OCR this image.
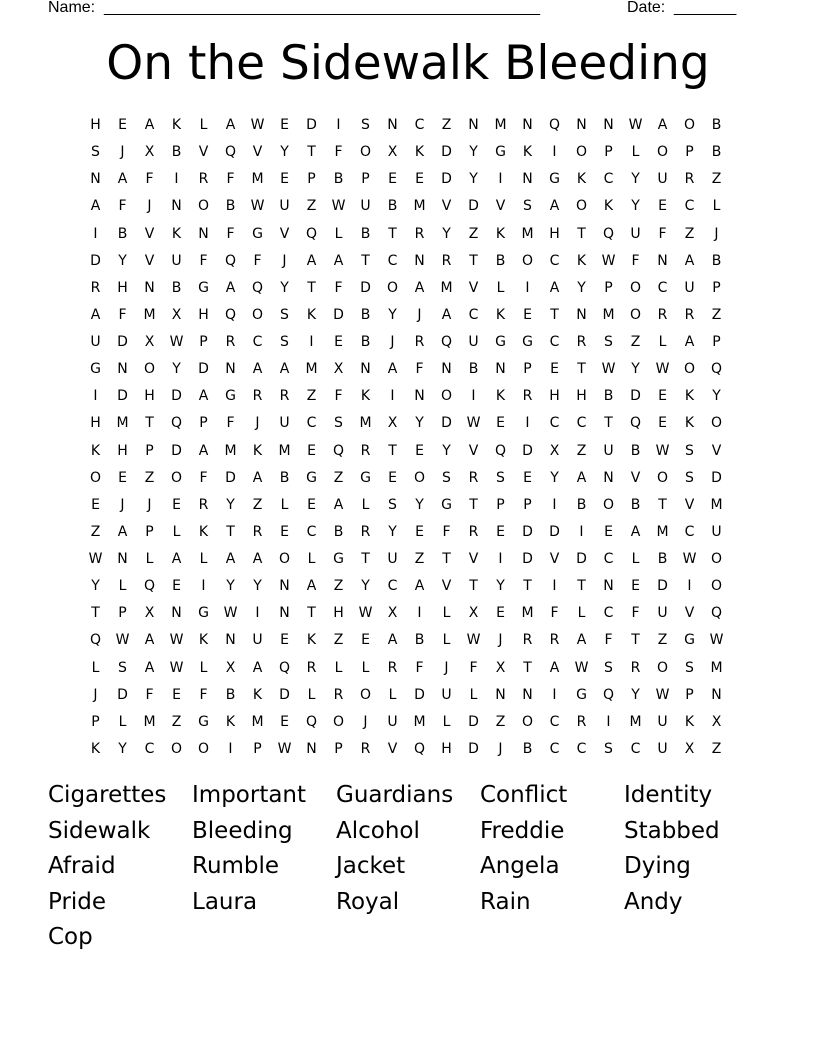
Name: _________________________________________________	Date: _______
On the Sidewalk Bleeding
H	E	A	K	L	A	W	E	D	I	S	N	C	Z	N	M	N	Q	N	N	W	A	O	B
S	J	X	B	V	Q	V	Y	T	F	O	X	K	D	Y	G	K	I	O	P	L	O	P	B
N	A	F	I	R	F	M	E	P	B	P	E	E	D	Y	I	N	G	K	C	Y	U	R	Z
A	F	J	N	O	B	W	U	Z	W	U	B	M	V	D	V	S	A	O	K	Y	E	C	L
I	B	V	K	N	F	G	V	Q	L	B	T	R	Y	Z	K	M	H	T	Q	U	F	Z	J
D	Y	V	U	F	Q	F	J	A	A	T	C	N	R	T	B	O	C	K	W	F	N	A	B
R	H	N	B	G	A	Q	Y	T	F	D	O	A	M	V	L	I	A	Y	P	O	C	U	P
A	F	M	X	H	Q	O	S	K	D	B	Y	J	A	C	K	E	T	N	M	O	R	R	Z
U	D	X	W	P	R	C	S	I	E	B	J	R	Q	U	G	G	C	R	S	Z	L	A	P
G	N	O	Y	D	N	A	A	M	X	N	A	F	N	B	N	P	E	T	W	Y	W	O	Q
I	D	H	D	A	G	R	R	Z	F	K	I	N	O	I	K	R	H	H	B	D	E	K	Y
H	M	T	Q	P	F	J	U	C	S	M	X	Y	D	W	E	I	C	C	T	Q	E	K	O
K	H	P	D	A	M	K	M	E	Q	R	T	E	Y	V	Q	D	X	Z	U	B	W	S	V
O	E	Z	O	F	D	A	B	G	Z	G	E	O	S	R	S	E	Y	A	N	V	O	S	D
E	J	J	E	R	Y	Z	L	E	A	L	S	Y	G	T	P	P	I	B	O	B	T	V	M
Z	A	P	L	K	T	R	E	C	B	R	Y	E	F	R	E	D	D	I	E	A	M	C	U
W	N	L	A	L	A	A	O	L	G	T	U	Z	T	V	I	D	V	D	C	L	B	W	O
Y	L	Q	E	I	Y	Y	N	A	Z	Y	C	A	V	T	Y	T	I	T	N	E	D	I	O
T	P	X	N	G	W	I	N	T	H	W	X	I	L	X	E	M	F	L	C	F	U	V	Q
Q	W	A	W	K	N	U	E	K	Z	E	A	B	L	W	J	R	R	A	F	T	Z	G	W
L	S	A	W	L	X	A	Q	R	L	L	R	F	J	F	X	T	A	W	S	R	O	S	M
J	D	F	E	F	B	K	D	L	R	O	L	D	U	L	N	N	I	G	Q	Y	W	P	N
P	L	M	Z	G	K	M	E	Q	O	J	U	M	L	D	Z	O	C	R	I	M	U	K	X
K	Y	C	O	O	I	P	W	N	P	R	V	Q	H	D	J	B	C	C	S	C	U	X	Z
Cigarettes	Important	Guardians	Conflict	Identity
Sidewalk	Bleeding	Alcohol	Freddie	Stabbed
Afraid	Rumble	Jacket	Angela	Dying
Pride	Laura	Royal	Rain	Andy
Cop
